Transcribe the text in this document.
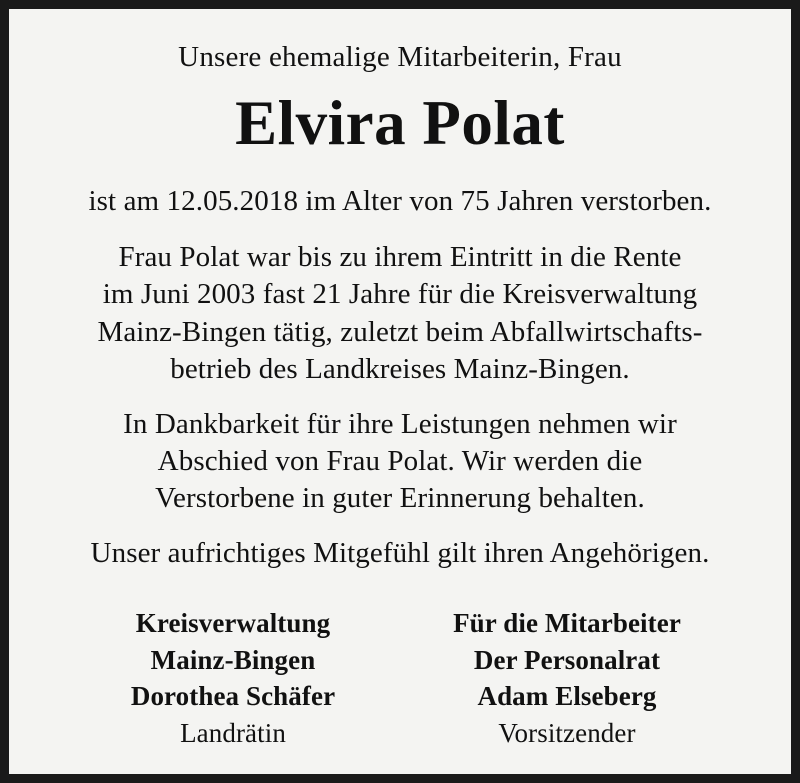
Unsere ehemalige Mitarbeiterin, Frau
Elvira Polat
ist am 12.05.2018 im Alter von 75 Jahren verstorben.
Frau Polat war bis zu ihrem Eintritt in die Rente
im Juni 2003 fast 21 Jahre für die Kreisverwaltung
Mainz-Bingen tätig, zuletzt beim Abfallwirtschafts-
betrieb des Landkreises Mainz-Bingen.
In Dankbarkeit für ihre Leistungen nehmen wir
Abschied von Frau Polat. Wir werden die
Verstorbene in guter Erinnerung behalten.
Unser aufrichtiges Mitgefühl gilt ihren Angehörigen.
Kreisverwaltung
Mainz-Bingen
Dorothea Schäfer
Landrätin
Für die Mitarbeiter
Der Personalrat
Adam Elseberg
Vorsitzender
